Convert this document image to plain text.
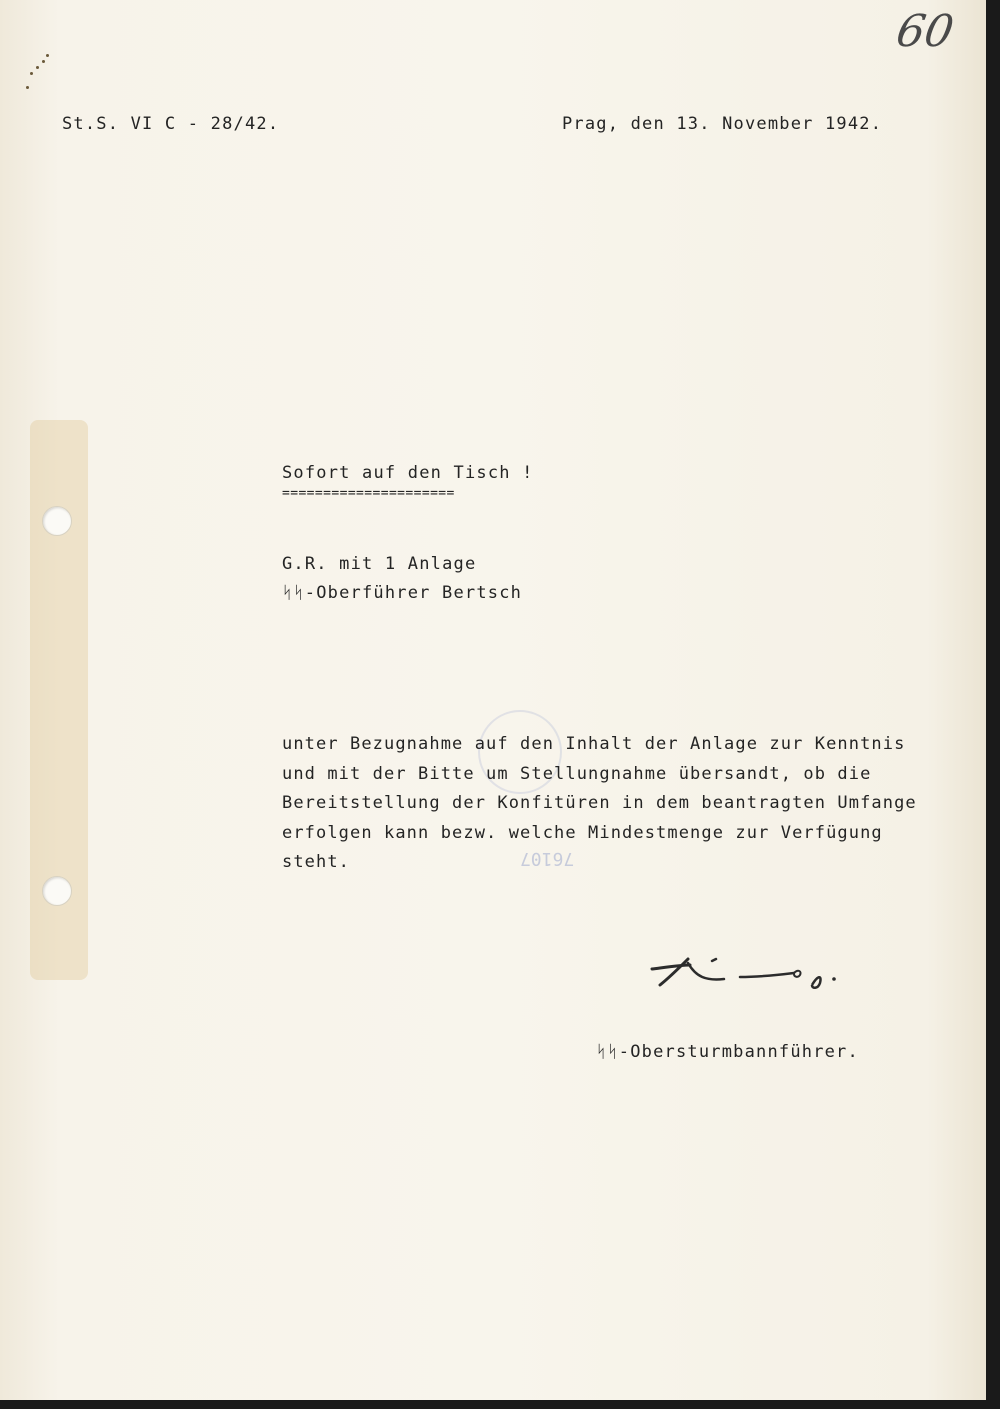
60
St.S. VI C - 28/42.	Prag, den 13. November 1942.
Sofort auf den Tisch !
=====================
G.R. mit 1 Anlage
ᛋᛋ-Oberführer Bertsch
76107
unter Bezugnahme auf den Inhalt der Anlage zur Kenntnis
und mit der Bitte um Stellungnahme übersandt, ob die
Bereitstellung der Konfitüren in dem beantragten Umfange
erfolgen kann bezw. welche Mindestmenge zur Verfügung
steht.
ᛋᛋ-Obersturmbannführer.
